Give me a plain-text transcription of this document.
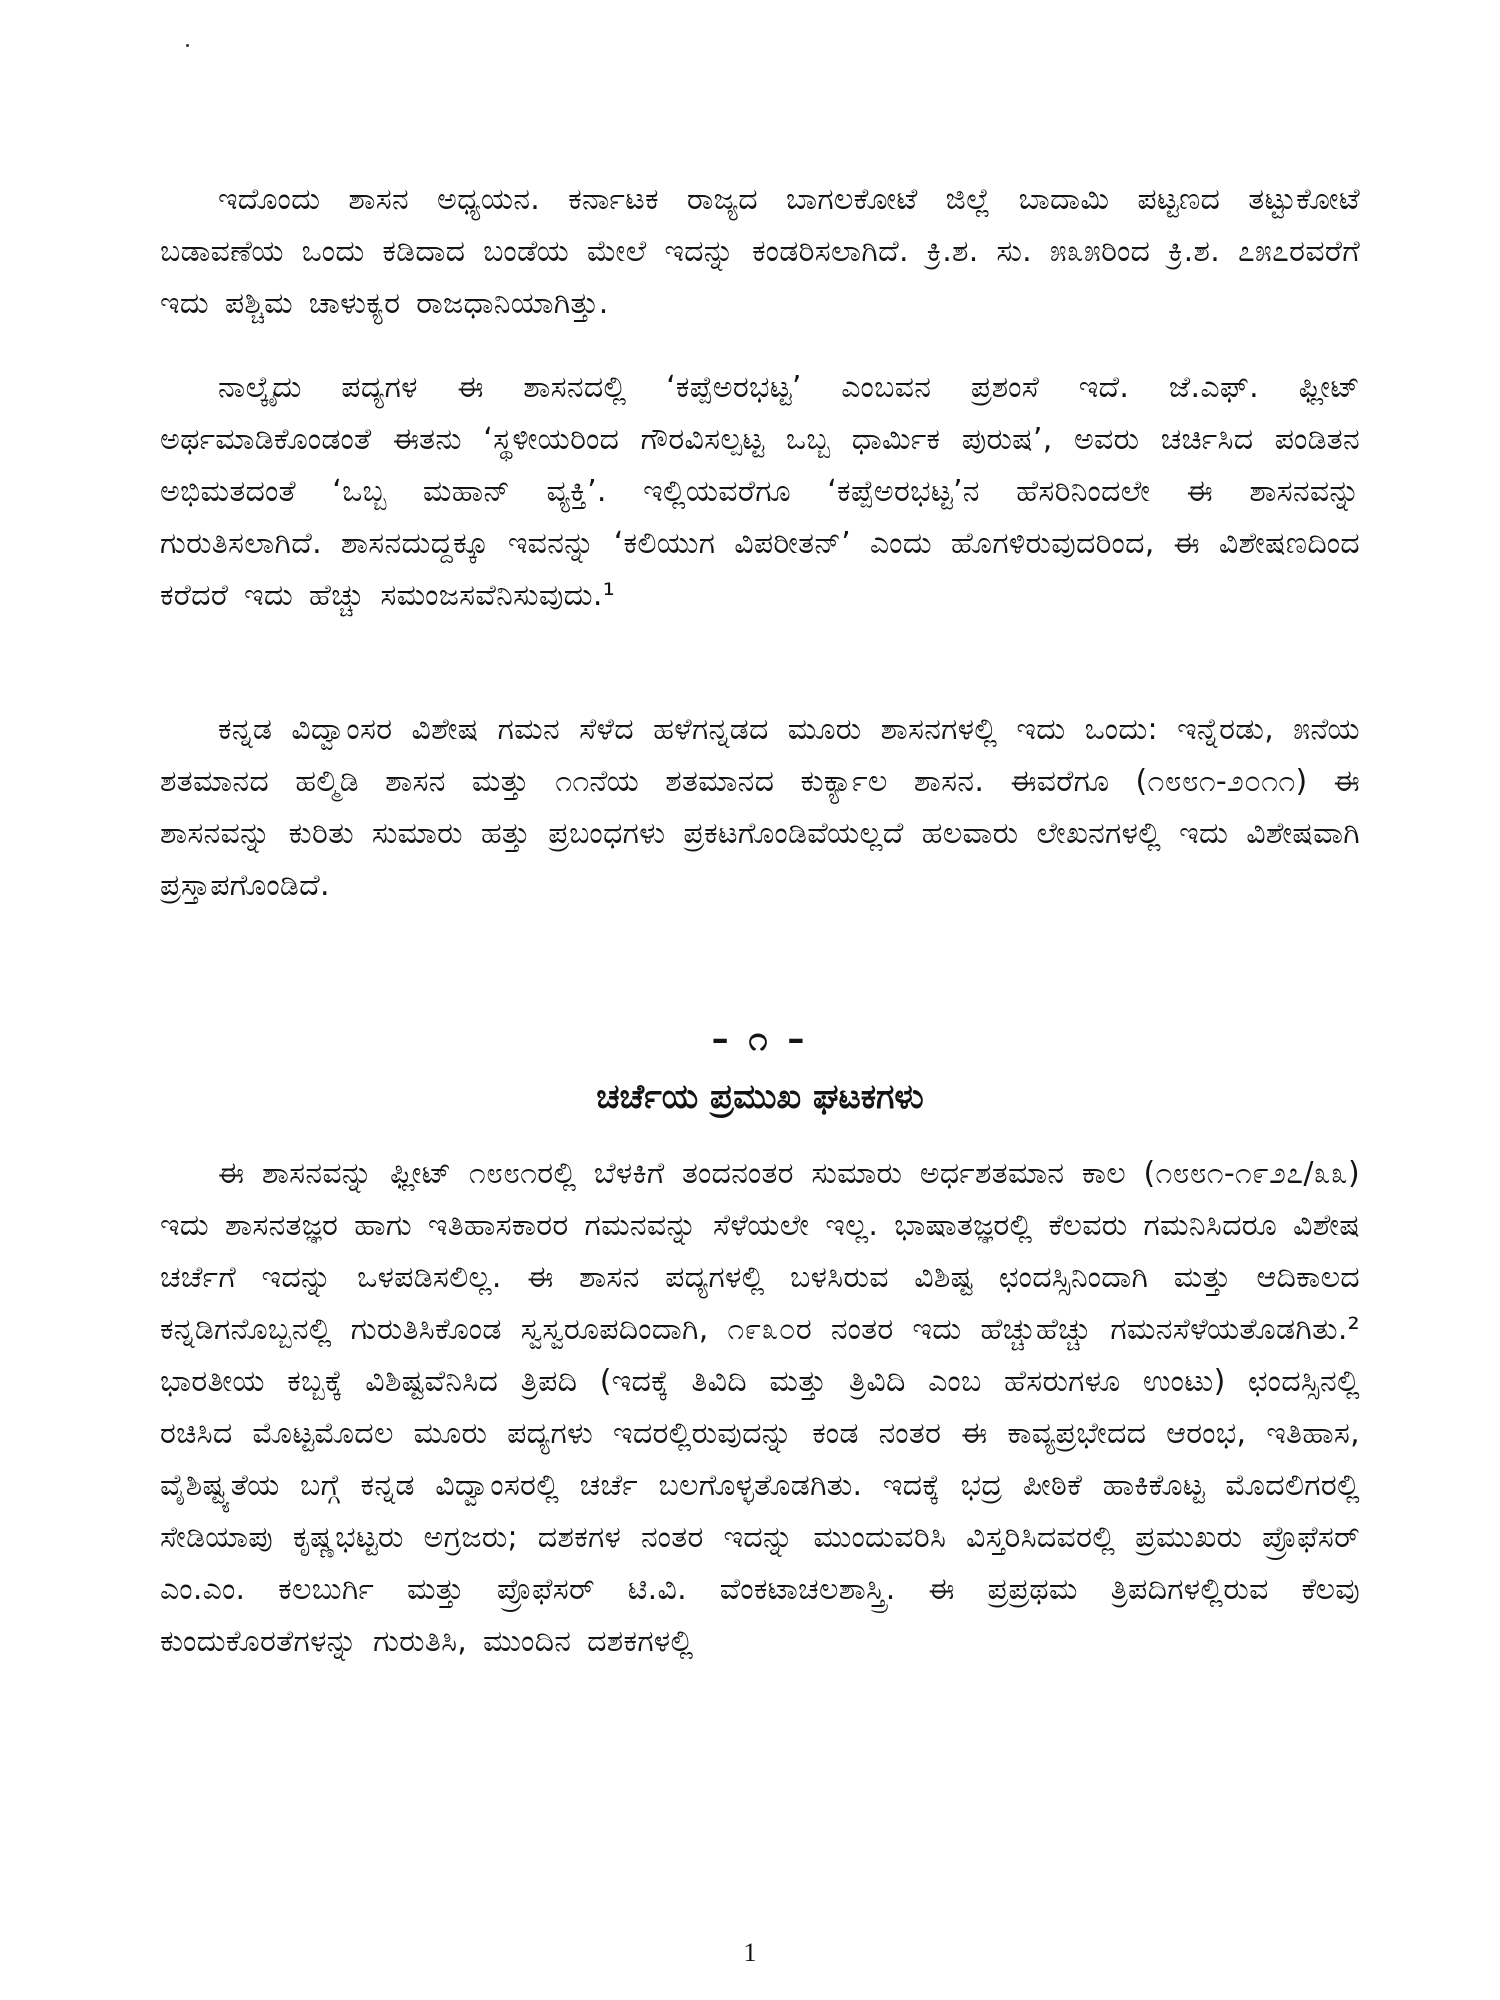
ಇದೊಂದು ಶಾಸನ ಅಧ್ಯಯನ. ಕರ್ನಾಟಕ ರಾಜ್ಯದ ಬಾಗಲಕೋಟೆ ಜಿಲ್ಲೆ ಬಾದಾಮಿ ಪಟ್ಟಣದ ತಟ್ಟುಕೋಟೆ ಬಡಾವಣೆಯ ಒಂದು ಕಡಿದಾದ ಬಂಡೆಯ ಮೇಲೆ ಇದನ್ನು ಕಂಡರಿಸಲಾಗಿದೆ. ಕ್ರಿ.ಶ. ಸು. ೫೩೫ರಿಂದ ಕ್ರಿ.ಶ. ೭೫೭ರವರೆಗೆ ಇದು ಪಶ್ಚಿಮ ಚಾಳುಕ್ಯರ ರಾಜಧಾನಿಯಾಗಿತ್ತು.

ನಾಲ್ಕೈದು ಪದ್ಯಗಳ ಈ ಶಾಸನದಲ್ಲಿ ‘ಕಪ್ಪೆಅರಭಟ್ಟ’ ಎಂಬವನ ಪ್ರಶಂಸೆ ಇದೆ. ಜೆ.ಎಫ್. ಫ್ಲೀಟ್ ಅರ್ಥಮಾಡಿಕೊಂಡಂತೆ ಈತನು ‘ಸ್ಥಳೀಯರಿಂದ ಗೌರವಿಸಲ್ಪಟ್ಟ ಒಬ್ಬ ಧಾರ್ಮಿಕ ಪುರುಷ’, ಅವರು ಚರ್ಚಿಸಿದ ಪಂಡಿತನ ಅಭಿಮತದಂತೆ ‘ಒಬ್ಬ ಮಹಾನ್ ವ್ಯಕ್ತಿ’. ಇಲ್ಲಿಯವರೆಗೂ ‘ಕಪ್ಪೆಅರಭಟ್ಟ’ನ ಹೆಸರಿನಿಂದಲೇ ಈ ಶಾಸನವನ್ನು ಗುರುತಿಸಲಾಗಿದೆ. ಶಾಸನದುದ್ದಕ್ಕೂ ಇವನನ್ನು ‘ಕಲಿಯುಗ ವಿಪರೀತನ್’ ಎಂದು ಹೊಗಳಿರುವುದರಿಂದ, ಈ ವಿಶೇಷಣದಿಂದ ಕರೆದರೆ ಇದು ಹೆಚ್ಚು ಸಮಂಜಸವೆನಿಸುವುದು.¹

ಕನ್ನಡ ವಿದ್ವಾಂಸರ ವಿಶೇಷ ಗಮನ ಸೆಳೆದ ಹಳೆಗನ್ನಡದ ಮೂರು ಶಾಸನಗಳಲ್ಲಿ ಇದು ಒಂದು: ಇನ್ನೆರಡು, ೫ನೆಯ ಶತಮಾನದ ಹಲ್ಮಿಡಿ ಶಾಸನ ಮತ್ತು ೧೧ನೆಯ ಶತಮಾನದ ಕುರ್ಕ್ಯಾಲ ಶಾಸನ. ಈವರೆಗೂ (೧೮೮೧-೨೦೧೧) ಈ ಶಾಸನವನ್ನು ಕುರಿತು ಸುಮಾರು ಹತ್ತು ಪ್ರಬಂಧಗಳು ಪ್ರಕಟಗೊಂಡಿವೆಯಲ್ಲದೆ ಹಲವಾರು ಲೇಖನಗಳಲ್ಲಿ ಇದು ವಿಶೇಷವಾಗಿ ಪ್ರಸ್ತಾಪಗೊಂಡಿದೆ.

– ೧ –
ಚರ್ಚೆಯ ಪ್ರಮುಖ ಘಟಕಗಳು

ಈ ಶಾಸನವನ್ನು ಫ್ಲೀಟ್ ೧೮೮೧ರಲ್ಲಿ ಬೆಳಕಿಗೆ ತಂದನಂತರ ಸುಮಾರು ಅರ್ಧಶತಮಾನ ಕಾಲ (೧೮೮೧-೧೯೨೭/೩೩) ಇದು ಶಾಸನತಜ್ಞರ ಹಾಗು ಇತಿಹಾಸಕಾರರ ಗಮನವನ್ನು ಸೆಳೆಯಲೇ ಇಲ್ಲ. ಭಾಷಾತಜ್ಞರಲ್ಲಿ ಕೆಲವರು ಗಮನಿಸಿದರೂ ವಿಶೇಷ ಚರ್ಚೆಗೆ ಇದನ್ನು ಒಳಪಡಿಸಲಿಲ್ಲ. ಈ ಶಾಸನ ಪದ್ಯಗಳಲ್ಲಿ ಬಳಸಿರುವ ವಿಶಿಷ್ಟ ಛಂದಸ್ಸಿನಿಂದಾಗಿ ಮತ್ತು ಆದಿಕಾಲದ ಕನ್ನಡಿಗನೊಬ್ಬನಲ್ಲಿ ಗುರುತಿಸಿಕೊಂಡ ಸ್ವಸ್ವರೂಪದಿಂದಾಗಿ, ೧೯೩೦ರ ನಂತರ ಇದು ಹೆಚ್ಚುಹೆಚ್ಚು ಗಮನಸೆಳೆಯತೊಡಗಿತು.² ಭಾರತೀಯ ಕಬ್ಬಕ್ಕೆ ವಿಶಿಷ್ಟವೆನಿಸಿದ ತ್ರಿಪದಿ (ಇದಕ್ಕೆ ತಿವಿದಿ ಮತ್ತು ತ್ರಿವಿದಿ ಎಂಬ ಹೆಸರುಗಳೂ ಉಂಟು) ಛಂದಸ್ಸಿನಲ್ಲಿ ರಚಿಸಿದ ಮೊಟ್ಟಮೊದಲ ಮೂರು ಪದ್ಯಗಳು ಇದರಲ್ಲಿರುವುದನ್ನು ಕಂಡ ನಂತರ ಈ ಕಾವ್ಯಪ್ರಭೇದದ ಆರಂಭ, ಇತಿಹಾಸ, ವೈಶಿಷ್ಟ್ಯತೆಯ ಬಗ್ಗೆ ಕನ್ನಡ ವಿದ್ವಾಂಸರಲ್ಲಿ ಚರ್ಚೆ ಬಲಗೊಳ್ಳತೊಡಗಿತು. ಇದಕ್ಕೆ ಭದ್ರ ಪೀಠಿಕೆ ಹಾಕಿಕೊಟ್ಟ ಮೊದಲಿಗರಲ್ಲಿ ಸೇಡಿಯಾಪು ಕೃಷ್ಣಭಟ್ಟರು ಅಗ್ರಜರು; ದಶಕಗಳ ನಂತರ ಇದನ್ನು ಮುಂದುವರಿಸಿ ವಿಸ್ತರಿಸಿದವರಲ್ಲಿ ಪ್ರಮುಖರು ಪ್ರೊಫೆಸರ್ ಎಂ.ಎಂ. ಕಲಬುರ್ಗಿ ಮತ್ತು ಪ್ರೊಫೆಸರ್ ಟಿ.ವಿ. ವೆಂಕಟಾಚಲಶಾಸ್ತ್ರಿ. ಈ ಪ್ರಪ್ರಥಮ ತ್ರಿಪದಿಗಳಲ್ಲಿರುವ ಕೆಲವು ಕುಂದುಕೊರತೆಗಳನ್ನು ಗುರುತಿಸಿ, ಮುಂದಿನ ದಶಕಗಳಲ್ಲಿ

1
